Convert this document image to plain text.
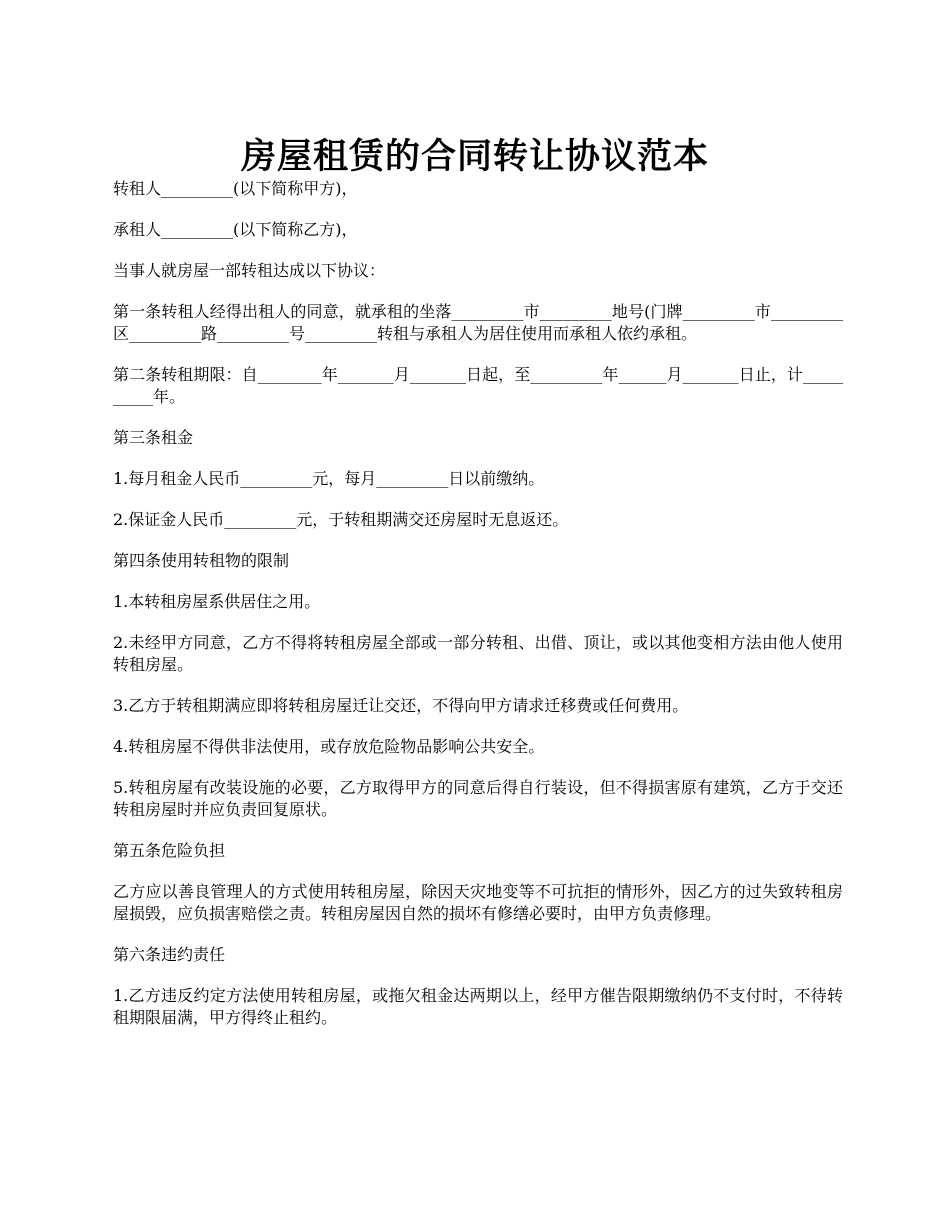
房屋租赁的合同转让协议范本

转租人_________(以下简称甲方)，

承租人_________(以下简称乙方)，

当事人就房屋一部转租达成以下协议：

第一条转租人经得出租人的同意，就承租的坐落_________市_________地号(门牌_________市_________区_________路_________号_________转租与承租人为居住使用而承租人依约承租。

第二条转租期限：自________年_______月_______日起，至_________年______月_______日止，计__________年。

第三条租金

1.每月租金人民币_________元，每月_________日以前缴纳。

2.保证金人民币_________元，于转租期满交还房屋时无息返还。

第四条使用转租物的限制

1.本转租房屋系供居住之用。

2.未经甲方同意，乙方不得将转租房屋全部或一部分转租、出借、顶让，或以其他变相方法由他人使用转租房屋。

3.乙方于转租期满应即将转租房屋迁让交还，不得向甲方请求迁移费或任何费用。

4.转租房屋不得供非法使用，或存放危险物品影响公共安全。

5.转租房屋有改装设施的必要，乙方取得甲方的同意后得自行装设，但不得损害原有建筑，乙方于交还转租房屋时并应负责回复原状。

第五条危险负担

乙方应以善良管理人的方式使用转租房屋，除因天灾地变等不可抗拒的情形外，因乙方的过失致转租房屋损毁，应负损害赔偿之责。转租房屋因自然的损坏有修缮必要时，由甲方负责修理。

第六条违约责任

1.乙方违反约定方法使用转租房屋，或拖欠租金达两期以上，经甲方催告限期缴纳仍不支付时，不待转租期限届满，甲方得终止租约。
